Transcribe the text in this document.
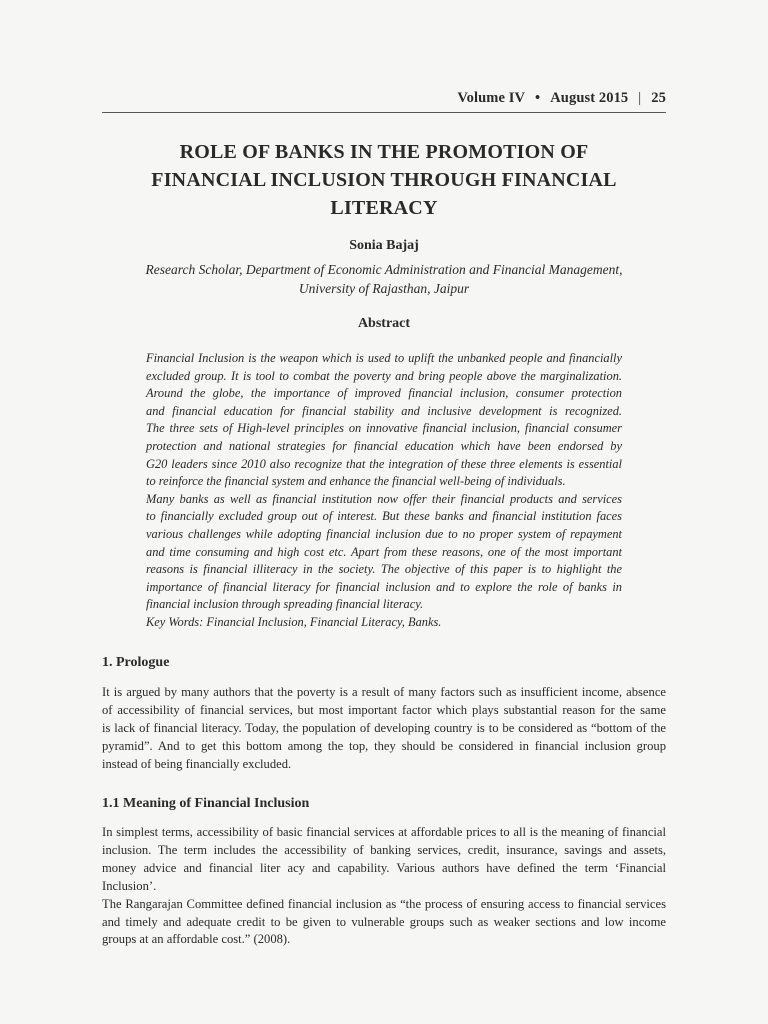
Volume IV • August 2015 | 25
ROLE OF BANKS IN THE PROMOTION OF
FINANCIAL INCLUSION THROUGH FINANCIAL
LITERACY
Sonia Bajaj
Research Scholar, Department of Economic Administration and Financial Management,
University of Rajasthan, Jaipur
Abstract
Financial Inclusion is the weapon which is used to uplift the unbanked people and financially
excluded group. It is tool to combat the poverty and bring people above the marginalization.
Around the globe, the importance of improved financial inclusion, consumer protection
and financial education for financial stability and inclusive development is recognized.
The three sets of High-level principles on innovative financial inclusion, financial consumer
protection and national strategies for financial education which have been endorsed by
G20 leaders since 2010 also recognize that the integration of these three elements is essential
to reinforce the financial system and enhance the financial well-being of individuals.
Many banks as well as financial institution now offer their financial products and services
to financially excluded group out of interest. But these banks and financial institution faces
various challenges while adopting financial inclusion due to no proper system of repayment
and time consuming and high cost etc. Apart from these reasons, one of the most important
reasons is financial illiteracy in the society. The objective of this paper is to highlight the
importance of financial literacy for financial inclusion and to explore the role of banks in
financial inclusion through spreading financial literacy.
Key Words: Financial Inclusion, Financial Literacy, Banks.
1. Prologue
It is argued by many authors that the poverty is a result of many factors such as insufficient income, absence
of accessibility of financial services, but most important factor which plays substantial reason for the same
is lack of financial literacy. Today, the population of developing country is to be considered as “bottom of the
pyramid”. And to get this bottom among the top, they should be considered in financial inclusion group
instead of being financially excluded.
1.1 Meaning of Financial Inclusion
In simplest terms, accessibility of basic financial services at affordable prices to all is the meaning of financial
inclusion. The term includes the accessibility of banking services, credit, insurance, savings and assets,
money advice and financial liter acy and capability. Various authors have defined the term ‘Financial Inclusion’.
The Rangarajan Committee defined financial inclusion as “the process of ensuring access to financial services
and timely and adequate credit to be given to vulnerable groups such as weaker sections and low income
groups at an affordable cost.” (2008).
